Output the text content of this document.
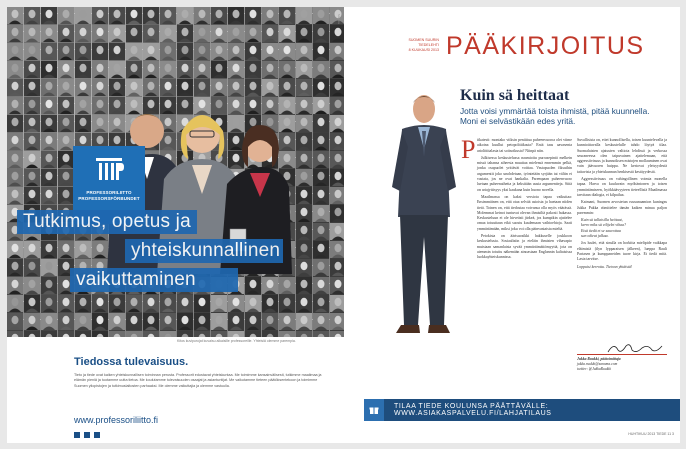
PROFESSORILIITTO
PROFESSORSFÖRBUNDET
Tutkimus, opetus ja
yhteiskunnallinen
vaikuttaminen
Kitos kuvipurojat kuvaisu aikaisille professoreille. Yhteisiä olemme parempia.
Tiedossa tulevaisuus.
Tieto ja tiede ovat kaiken yhteiskunnallisen toiminnan perusta. Professorit edustavat yhteiskuntaa. Me toimimme kansainvälisesti, tutkimme maailmaa ja elämän pieniä ja tuotamme uutta tietoa. Me koulutamme tulevaisuuden osaajat ja asiantuntijat. Me vaikutamme tieteen päätöksentekoon ja toimimme Suomen yliopistojen ja tutkimuslaitosten parhaaksi. Me olemme vaikuttajia ja olemme vastuulla.
www.professoriliitto.fi
Mainos
SUOMEN SUURIN TIEDELEHTI
8 KUUKAUSI 2013 PÄÄKIRJOITUS
Kuin sä heittaat
Jotta voisi ymmärtää toista ihmistä, pitää kuunnella. Moni ei selvästikään edes yritä.
P iikatesti: montako viiksin peniittua puheenvuoroa olet viime aikoina kuullut petopolitiikasta? Entä taas aavasenta ariolittitalasta tai soitsotkusta? Niinpä niin.

Julkisessa keskustelussa naamioitu purrasepintä melkein missä tahansa aiheesta muuttaa mielensä ennemmin pelkä, jonka osapuolet yrittävät voittaa. Vastapuolen fiksuihin argumentit joko unohdetaan, työntetään syrjään tai vältin ei vastata, jos ne ovat hankalia. Parempaan puheenvuoro luetaan puheenaihetta ja keksitään uusia argumentteja. Siitä on ariajyttisyys yksi kaukana kuin huono novella.

Maailmassa on kaksi versiota tapaa vaikuttaa: Ensimmäinen on, että otaa selvää asioista ja haetaan niiden tietä. Toinen on, että tiedostaa voivansa olla myös väärässä. Molemmat keinot tuntuvat olevan ihmisiltä pakosti hukassa. Keskusteluun ei ole hirveästi järkeä, jos kumpikin ajattelee omaa totuuttaan eikä suostu kuulemaan vaihtoehtoja. Saati ymmärtämään, miksi joku voi olla päinvastaista mieltä.

Petokista on äärisuosikki hakkuselle joukkoon keskustelusta. Sosiaalisiin ja eteläin ihmisten vihavapio muistaan samanlaista syvää ymmärtämättömyyttä, jota on aiemmin totuttu näkemään ainoastaan Englannin kaltaisissa luokkayhteiskunnissa.

Suvallisista on, ettei kunnollisella, toisen kuuntelevalla ja kunnioittavalla keskustelulle tahdo löytyä tilaa. Suomalaisten ajatusten valtiota lehdissä ja verkossa seuraneessa olen taipuvainen ajattelemaan, että aggressiivisuus ja kunnoiksen mistojen mollaaminen ovat vain jäävuoren huippu. Ne kertovat yleisyydestä taitavista ja yhteiskunnan henkisestä kestäyydestä.

Aggressiivisuus on vahingollinen voimia monella tapaa. Harva on kuuluvain myöhäntonen ja toisen ymmärtämiseen, hyökkäävyyteen tieteellisiä Maailmassa tarvitaan dialogia, ei kilpailua.

Kaimani, Suomen arvostetun ruusunaamion kuningas Jukka Pakka riimittelee tämän kaiken minua paljon paremmin:

Kuin sä tallaisilla heittaat,
kerro miks sä vilijelet vihaa?
Etsä tiedä et se sauvottaa
sun oikeat jalkaa.

Jos luulet, että sinulla on horkitta mielipide vaikkapa eläimistä (ilyn lypparaisen jälkeen), lueppa Rauli Partasen ja kumppaneiden tuore kirja. Et tiedä mitä. Lasta tarvitse.

Loppuisi kerrottu. Tietoon yhtäistä!

Jukka Ruukki, päätoimittaja
jukka.ruukki@sanoma.com
twitter: @JukkaRuukki
TILAA TIEDE KOULUNSA PÄÄTTÄVÄLLE: WWW.ASIAKASPALVELU.FI/LAHJATILAUS
HUHTIKUU 2013 TIEDE 11 3
